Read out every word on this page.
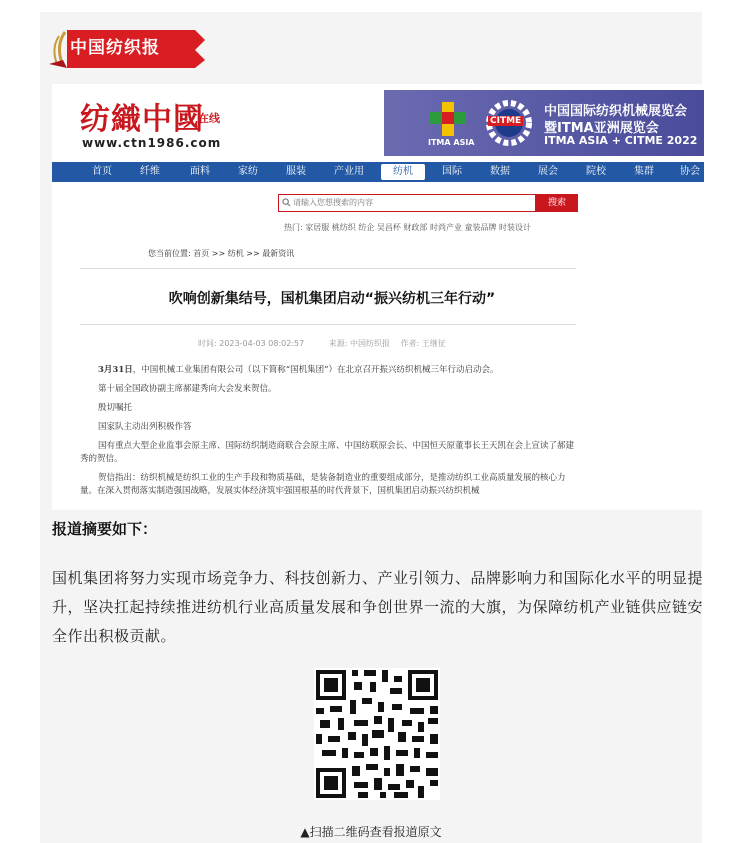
中国纺织报
纺織中國
在线
www.ctn1986.com
CITME
ITMA ASIA
中国国际纺织机械展览会
暨ITMA亚洲展览会
ITMA ASIA + CITME 2022
首页	纤维	面料	家纺	服装	产业用	纺机	国际	数据	展会	院校	集群	协会
请输入您想搜索的内容	搜索
热门: 家居服 桃纺织 纺企 吴昌杯 财政部 时尚产业 童装品牌 时装设计
您当前位置: 首页 >> 纺机 >> 最新资讯
吹响创新集结号，国机集团启动“振兴纺机三年行动”
时间: 2023-04-03 08:02:57	来源: 中国纺织报 作者: 王继征
3月31日，中国机械工业集团有限公司（以下简称“国机集团”）在北京召开振兴纺织机械三年行动启动会。
第十届全国政协副主席郝建秀向大会发来贺信。
殷切嘱托
国家队主动出列积极作答
国有重点大型企业监事会原主席、国际纺织制造商联合会原主席、中国纺联原会长、中国恒天原董事长王天凯在会上宣读了郝建秀的贺信。
贺信指出：纺织机械是纺织工业的生产手段和物质基础，是装备制造业的重要组成部分，是推动纺织工业高质量发展的核心力量。在深入贯彻落实制造强国战略，发展实体经济筑牢强国根基的时代背景下，国机集团启动振兴纺织机械
报道摘要如下：
国机集团将努力实现市场竞争力、科技创新力、产业引领力、品牌影响力和国际化水平的明显提升，坚决扛起持续推进纺机行业高质量发展和争创世界一流的大旗，为保障纺机产业链供应链安全作出积极贡献。
▲扫描二维码查看报道原文
